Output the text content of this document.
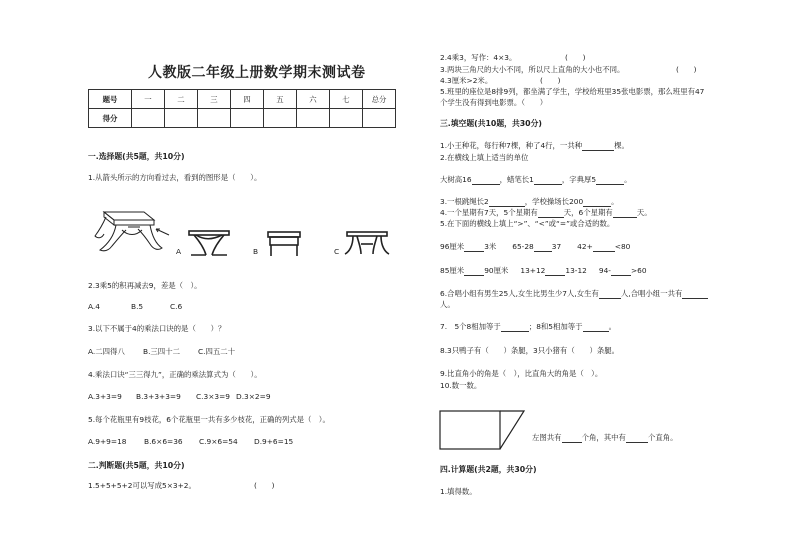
人教版二年级上册数学期末测试卷
题号	一	二	三	四	五	六	七	总分
得分								
一.选择题(共5题，共10分)
1.从箭头所示的方向看过去，看到的图形是（　　）。
A	B	C
2.3乘5的积再减去9，差是（　）。
A.4	B.5	C.6
3.以下不属于4的乘法口诀的是（　　）？
A.二四得八 B.三四十二 C.四五二十
4.乘法口诀“三三得九”，正确的乘法算式为（　　）。
A.3+3=9 B.3+3+3=9 C.3×3=9 D.3×2=9
5.每个花瓶里有9枝花，6个花瓶里一共有多少枝花，正确的列式是（　）。
A.9+9=18 B.6×6=36 C.9×6=54 D.9+6=15
二.判断题(共5题，共10分)
1.5+5+5+2可以写成5×3+2。	(　　)
2.4乘3，写作：4×3。	(　　)
3.两块三角尺的大小不同，所以尺上直角的大小也不同。	(　　)
4.3厘米>2米。	(　　)
5.班里的座位是8排9列，都坐满了学生，学校给班里35张电影票，那么班里有47
个学生没有得到电影票。（　　）
三.填空题(共10题，共30分)
1.小王种花，每行种7棵，种了4行，一共种	棵。
2.在横线上填上适当的单位
大树高16	，蜡笔长1	，字典厚5	。
3.一根跳绳长2	，学校操场长200	。
4.一个星期有7天，5个星期有	天，6个星期有	天。
5.在下面的横线上填上“>”、“<”或“=”或合适的数。
96厘米	3米 65-28 37 42+	<80
85厘米	90厘米 13+12	13-12 94-	>60
6.合唱小组有男生25人,女生比男生少7人,女生有	人,合唱小组一共有
人。
7.　5个8相加等于	；8和5相加等于	。
8.3只鸭子有（　　）条腿，3只小猪有（　　）条腿。
9.比直角小的角是（　），比直角大的角是（　）。
10.数一数。
左图共有	个角，其中有	个直角。
四.计算题(共2题，共30分)
1.填得数。
